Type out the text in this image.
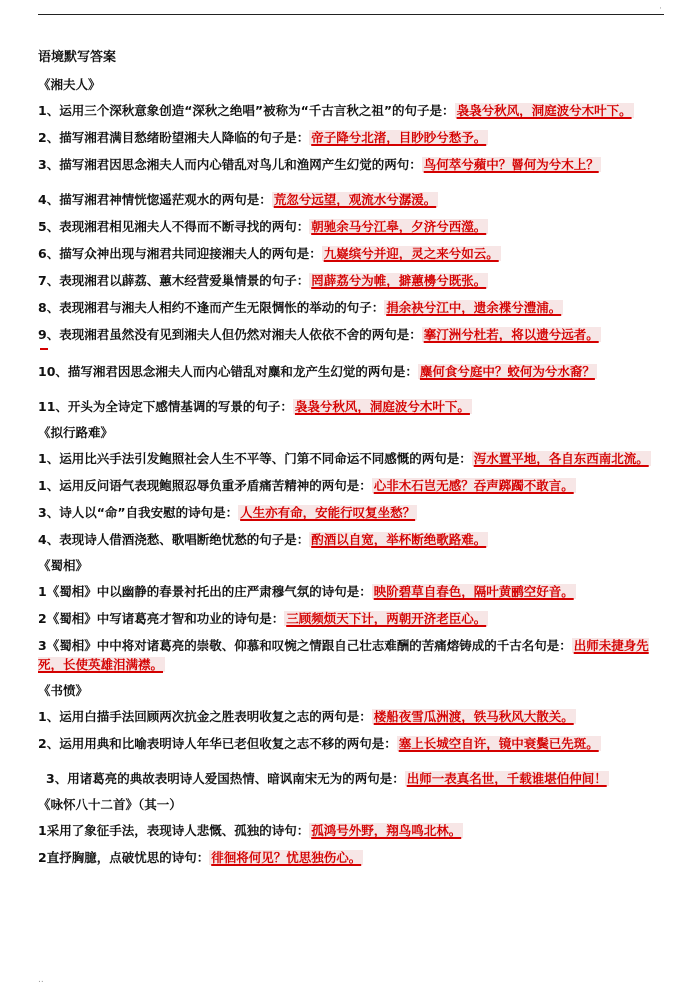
·
语境默写答案
《湘夫人》
1、运用三个深秋意象创造“深秋之绝唱”被称为“千古言秋之祖”的句子是： 袅袅兮秋风，洞庭波兮木叶下。
2、描写湘君满目愁绪盼望湘夫人降临的句子是： 帝子降兮北渚，目眇眇兮愁予。
3、描写湘君因思念湘夫人而内心错乱对鸟儿和渔网产生幻觉的两句： 鸟何萃兮蘋中？罾何为兮木上？
4、描写湘君神情恍惚遥茫观水的两句是： 荒忽兮远望，观流水兮潺湲。
5、表现湘君相见湘夫人不得而不断寻找的两句： 朝驰余马兮江皋，夕济兮西澨。
6、描写众神出现与湘君共同迎接湘夫人的两句是： 九嶷缤兮并迎，灵之来兮如云。
7、表现湘君以薜荔、蕙木经营爱巢情景的句子： 罔薜荔兮为帷，擗蕙櫋兮既张。
8、表现湘君与湘夫人相约不逢而产生无限惆怅的举动的句子： 捐余袂兮江中，遗余褋兮澧浦。
9、表现湘君虽然没有见到湘夫人但仍然对湘夫人依依不舍的两句是： 搴汀洲兮杜若，将以遗兮远者。
10、描写湘君因思念湘夫人而内心错乱对麋和龙产生幻觉的两句是： 麋何食兮庭中？蛟何为兮水裔？
11、开头为全诗定下感情基调的写景的句子： 袅袅兮秋风，洞庭波兮木叶下。
《拟行路难》
1、运用比兴手法引发鲍照社会人生不平等、门第不同命运不同感慨的两句是： 泻水置平地，各自东西南北流。
1、运用反问语气表现鲍照忍辱负重矛盾痛苦精神的两句是： 心非木石岂无感？吞声踯躅不敢言。
3、诗人以“命”自我安慰的诗句是： 人生亦有命，安能行叹复坐愁？
4、表现诗人借酒浇愁、歌唱断绝忧愁的句子是： 酌酒以自宽，举杯断绝歌路难。
《蜀相》
1《蜀相》中以幽静的春景衬托出的庄严肃穆气氛的诗句是： 映阶碧草自春色，隔叶黄鹂空好音。
2《蜀相》中写诸葛亮才智和功业的诗句是： 三顾频烦天下计，两朝开济老臣心。
3《蜀相》中中将对诸葛亮的崇敬、仰慕和叹惋之情跟自己壮志难酬的苦痛熔铸成的千古名句是： 出师未捷身先死，长使英雄泪满襟。
《书愤》
1、运用白描手法回顾两次抗金之胜表明收复之志的两句是： 楼船夜雪瓜洲渡，铁马秋风大散关。
2、运用用典和比喻表明诗人年华已老但收复之志不移的两句是： 塞上长城空自许，镜中衰鬓已先斑。
3、用诸葛亮的典故表明诗人爱国热情、暗讽南宋无为的两句是： 出师一表真名世，千载谁堪伯仲间！
《咏怀八十二首》（其一）
1采用了象征手法，表现诗人悲慨、孤独的诗句： 孤鸿号外野，翔鸟鸣北林。
2直抒胸臆，点破忧思的诗句： 徘徊将何见？忧思独伤心。
..
